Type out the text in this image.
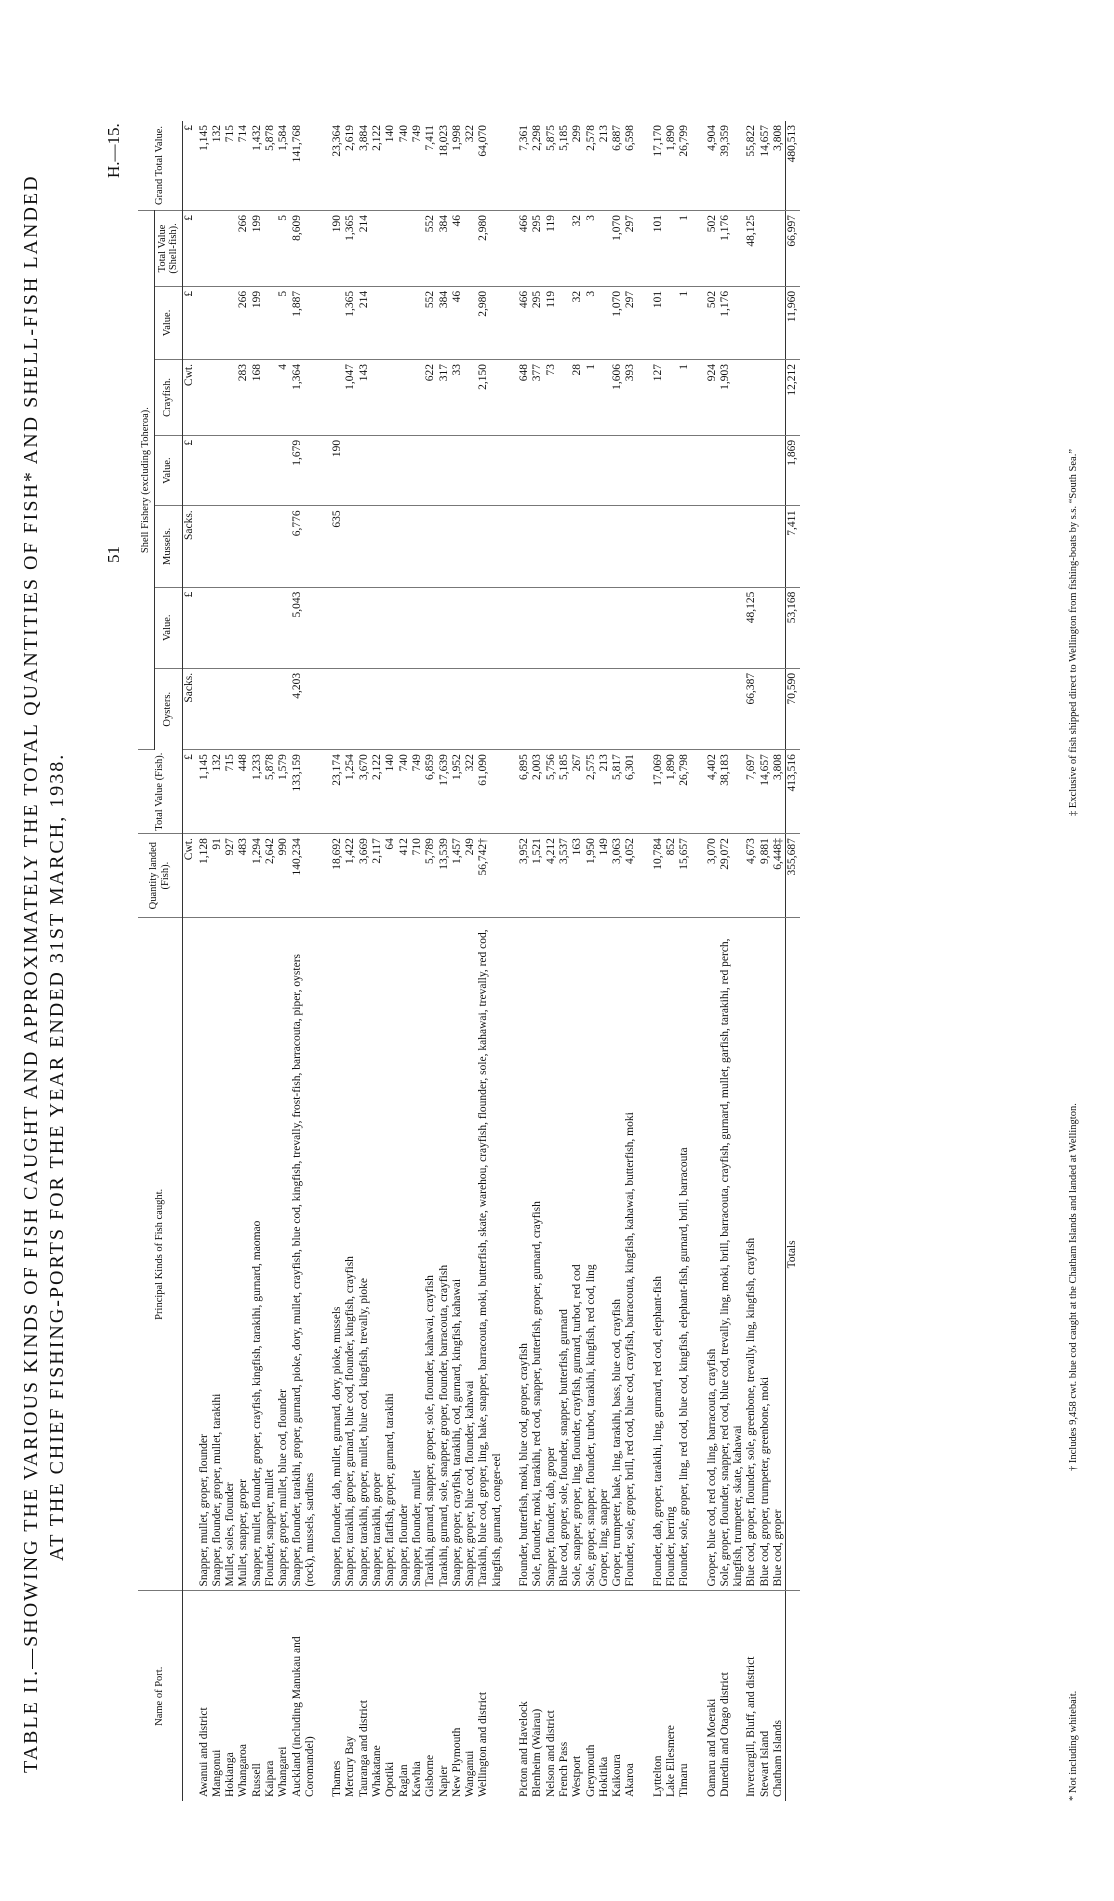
51
H.—15.
TABLE II.—SHOWING THE VARIOUS KINDS OF FISH CAUGHT AND APPROXIMATELY THE TOTAL QUANTITIES OF FISH* AND SHELL-FISH LANDED AT THE CHIEF FISHING-PORTS FOR THE YEAR ENDED 31ST MARCH, 1938.
Name of Port.	Principal Kinds of Fish caught.	Quantity landed (Fish).	Total Value (Fish).	Shell Fishery (excluding Toheroa).							Grand Total Value.
				Oysters.	Value.	Mussels.	Value.	Crayfish.	Value.	Total Value (Shell-fish).	
		Cwt.	£	Sacks.	£	Sacks.	£	Cwt.	£	£	£
Awanui and district	Snapper, mullet, groper, flounder	1,128	1,145								1,145
Mangonui	Snapper, flounder, groper, mullet, tarakihi	91	132								132
Hokianga	Mullet, soles, flounder	927	715								715
Whangaroa	Mullet, snapper, groper	483	448					283	266	266	714
Russell	Snapper, mullet, flounder, groper, crayfish, kingfish, tarakihi, gurnard, maomao	1,294	1,233					168	199	199	1,432
Kaipara	Flounder, snapper, mullet	2,642	5,878								5,878
Whangarei	Snapper, groper, mullet, blue cod, flounder	990	1,579					4	5	5	1,584
Auckland (including Manukau and Coromandel)	Snapper, flounder, tarakihi, groper, gurnard, pioke, dory, mullet, crayfish, blue cod, kingfish, trevally, frost-fish, barracouta, piper, oysters (rock), mussels, sardines	140,234	133,159	4,203	5,043	6,776	1,679	1,364	1,887	8,609	141,768

Thames	Snapper, flounder, dab, mullet, gurnard, dory, pioke, mussels	18,692	23,174			635	190			190	23,364
Mercury Bay	Snapper, tarakihi, groper, gurnard, blue cod, flounder, kingfish, crayfish	1,422	1,254					1,047	1,365	1,365	2,619
Tauranga and district	Snapper, tarakihi, groper, mullet, blue cod, kingfish, trevally, pioke	3,669	3,670					143	214	214	3,884
Whakatane	Snapper, tarakihi, groper	2,117	2,122								2,122
Opotiki	Snapper, flatfish, groper, gurnard, tarakihi	64	140								140
Raglan	Snapper, flounder	412	740								740
Kawhia	Snapper, flounder, mullet	710	749								749
Gisborne	Tarakihi, gurnard, snapper, groper, sole, flounder, kahawai, crayfish	5,789	6,859					622	552	552	7,411
Napier	Tarakihi, gurnard, sole, snapper, groper, flounder, barracouta, crayfish	13,539	17,639					317	384	384	18,023
New Plymouth	Snapper, groper, crayfish, tarakihi, cod, gurnard, kingfish, kahawai	1,457	1,952					33	46	46	1,998
Wanganui	Snapper, groper, blue cod, flounder, kahawai	249	322								322
Wellington and district	Tarakihi, blue cod, groper, ling, hake, snapper, barracouta, moki, butterfish, skate, warehou, crayfish, flounder, sole, kahawai, trevally, red cod, kingfish, gurnard, conger-eel	56,742†	61,090					2,150	2,980	2,980	64,070

Picton and Havelock	Flounder, butterfish, moki, blue cod, groper, crayfish	3,952	6,895					648	466	466	7,361
Blenheim (Wairau)	Sole, flounder, moki, tarakihi, red cod, snapper, butterfish, groper, gurnard, crayfish	1,521	2,003					377	295	295	2,298
Nelson and district	Snapper, flounder, dab, groper	4,212	5,756					73	119	119	5,875
French Pass	Blue cod, groper, sole, flounder, snapper, butterfish, gurnard	3,537	5,185								5,185
Westport	Sole, snapper, groper, ling, flounder, crayfish, gurnard, turbot, red cod	163	267					28	32	32	299
Greymouth	Sole, groper, snapper, flounder, turbot, tarakihi, kingfish, red cod, ling	1,950	2,575					1	3	3	2,578
Hokitika	Groper, ling, snapper	149	213								213
Kaikoura	Groper, trumpeter, hake, ling, tarakihi, bass, blue cod, crayfish	3,063	5,817					1,606	1,070	1,070	6,887
Akaroa	Flounder, sole, groper, brill, red cod, blue cod, crayfish, barracouta, kingfish, kahawai, butterfish, moki	4,052	6,301					393	297	297	6,598

Lyttelton	Flounder, dab, groper, tarakihi, ling, gurnard, red cod, elephant-fish	10,784	17,069					127	101	101	17,170
Lake Ellesmere	Flounder, herring	852	1,890								1,890
Timaru	Flounder, sole, groper, ling, red cod, blue cod, kingfish, elephant-fish, gurnard, brill, barracouta	15,657	26,798					1	1	1	26,799

Oamaru and Moeraki	Groper, blue cod, red cod, ling, barracouta, crayfish	3,070	4,402					924	502	502	4,904
Dunedin and Otago district	Sole, groper, flounder, snapper, red cod, blue cod, trevally, ling, moki, brill, barracouta, crayfish, gurnard, mullet, garfish, tarakihi, red perch, kingfish, trumpeter, skate, kahawai	29,072	38,183					1,903	1,176	1,176	39,359
Invercargill, Bluff, and district	Blue cod, groper, flounder, sole, greenbone, trevally, ling, kingfish, crayfish	4,673	7,697	66,387	48,125					48,125	55,822
Stewart Island	Blue cod, groper, trumpeter, greenbone, moki	9,881	14,657								14,657
Chatham Islands	Blue cod, groper	6,448‡	3,808								3,808
	Totals	355,687	413,516	70,590	53,168	7,411	1,869	12,212	11,960	66,997	480,513
* Not including whitebait.
† Includes 9,458 cwt. blue cod caught at the Chatham Islands and landed at Wellington.
‡ Exclusive of fish shipped direct to Wellington from fishing-boats by s.s. “South Sea.”
